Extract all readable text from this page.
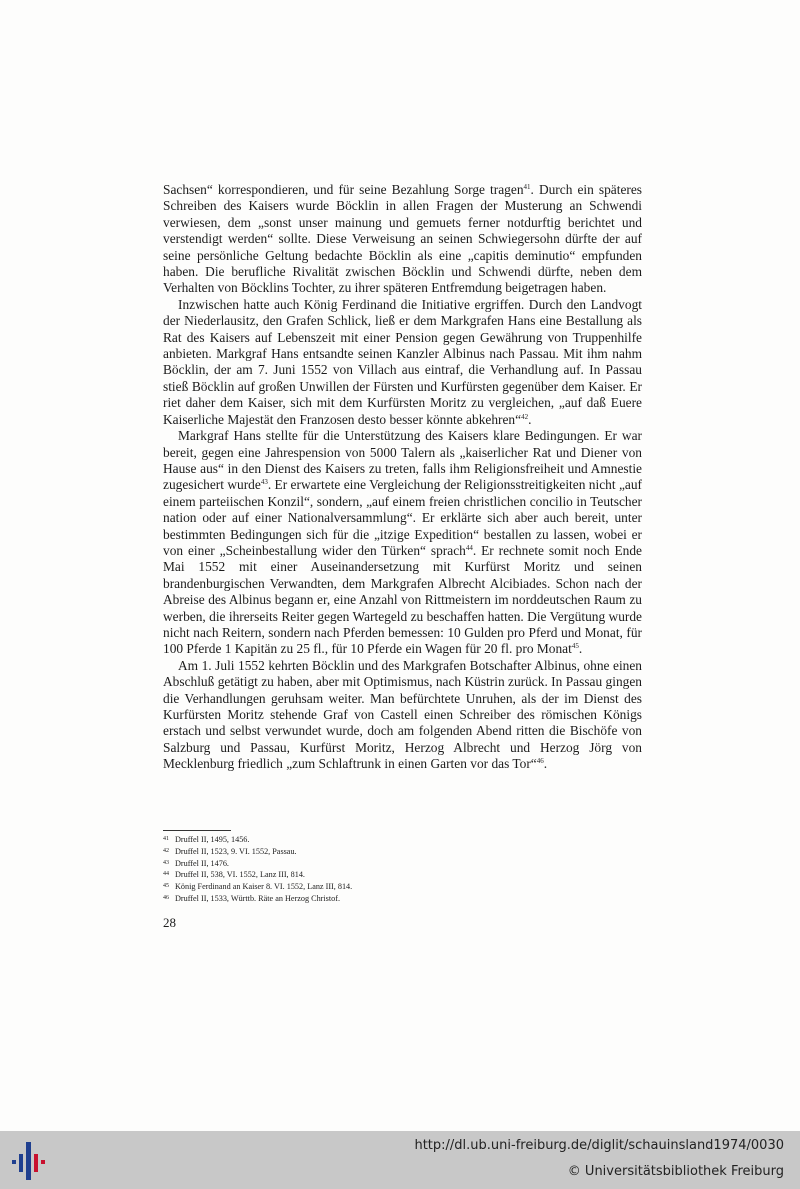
Sachsen“ korrespondieren, und für seine Bezahlung Sorge tragen$^{41}$. Durch ein späteres Schreiben des Kaisers wurde Böcklin in allen Fragen der Musterung an Schwendi verwiesen, dem „sonst unser mainung und gemuets ferner notdurftig berichtet und verstendigt werden“ sollte. Diese Verweisung an seinen Schwiegersohn dürfte der auf seine persönliche Geltung bedachte Böcklin als eine „capitis deminutio“ empfunden haben. Die berufliche Rivalität zwischen Böcklin und Schwendi dürfte, neben dem Verhalten von Böcklins Tochter, zu ihrer späteren Entfremdung beigetragen haben.

Inzwischen hatte auch König Ferdinand die Initiative ergriffen. Durch den Landvogt der Niederlausitz, den Grafen Schlick, ließ er dem Markgrafen Hans eine Bestallung als Rat des Kaisers auf Lebenszeit mit einer Pension gegen Gewährung von Truppenhilfe anbieten. Markgraf Hans entsandte seinen Kanzler Albinus nach Passau. Mit ihm nahm Böcklin, der am 7. Juni 1552 von Villach aus eintraf, die Verhandlung auf. In Passau stieß Böcklin auf großen Unwillen der Fürsten und Kurfürsten gegenüber dem Kaiser. Er riet daher dem Kaiser, sich mit dem Kurfürsten Moritz zu vergleichen, „auf daß Euere Kaiserliche Majestät den Franzosen desto besser könnte abkehren“$^{42}$.

Markgraf Hans stellte für die Unterstützung des Kaisers klare Bedingungen. Er war bereit, gegen eine Jahrespension von 5000 Talern als „kaiserlicher Rat und Diener von Hause aus“ in den Dienst des Kaisers zu treten, falls ihm Religionsfreiheit und Amnestie zugesichert wurde$^{43}$. Er erwartete eine Vergleichung der Religionsstreitigkeiten nicht „auf einem parteiischen Konzil“, sondern, „auf einem freien christlichen concilio in Teutscher nation oder auf einer Nationalversammlung“. Er erklärte sich aber auch bereit, unter bestimmten Bedingungen sich für die „itzige Expedition“ bestallen zu lassen, wobei er von einer „Scheinbestallung wider den Türken“ sprach$^{44}$. Er rechnete somit noch Ende Mai 1552 mit einer Auseinandersetzung mit Kurfürst Moritz und seinen brandenburgischen Verwandten, dem Markgrafen Albrecht Alcibiades. Schon nach der Abreise des Albinus begann er, eine Anzahl von Rittmeistern im norddeutschen Raum zu werben, die ihrerseits Reiter gegen Wartegeld zu beschaffen hatten. Die Vergütung wurde nicht nach Reitern, sondern nach Pferden bemessen: 10 Gulden pro Pferd und Monat, für 100 Pferde 1 Kapitän zu 25 fl., für 10 Pferde ein Wagen für 20 fl. pro Monat$^{45}$.

Am 1. Juli 1552 kehrten Böcklin und des Markgrafen Botschafter Albinus, ohne einen Abschluß getätigt zu haben, aber mit Optimismus, nach Küstrin zurück. In Passau gingen die Verhandlungen geruhsam weiter. Man befürchtete Unruhen, als der im Dienst des Kurfürsten Moritz stehende Graf von Castell einen Schreiber des römischen Königs erstach und selbst verwundet wurde, doch am folgenden Abend ritten die Bischöfe von Salzburg und Passau, Kurfürst Moritz, Herzog Albrecht und Herzog Jörg von Mecklenburg friedlich „zum Schlaftrunk in einen Garten vor das Tor“$^{46}$.

41 Druffel II, 1495, 1456.
42 Druffel II, 1523, 9. VI. 1552, Passau.
43 Druffel II, 1476.
44 Druffel II, 538, VI. 1552, Lanz III, 814.
45 König Ferdinand an Kaiser 8. VI. 1552, Lanz III, 814.
46 Druffel II, 1533, Württb. Räte an Herzog Christof.
28
http://dl.ub.uni-freiburg.de/diglit/schauinsland1974/0030
© Universitätsbibliothek Freiburg
